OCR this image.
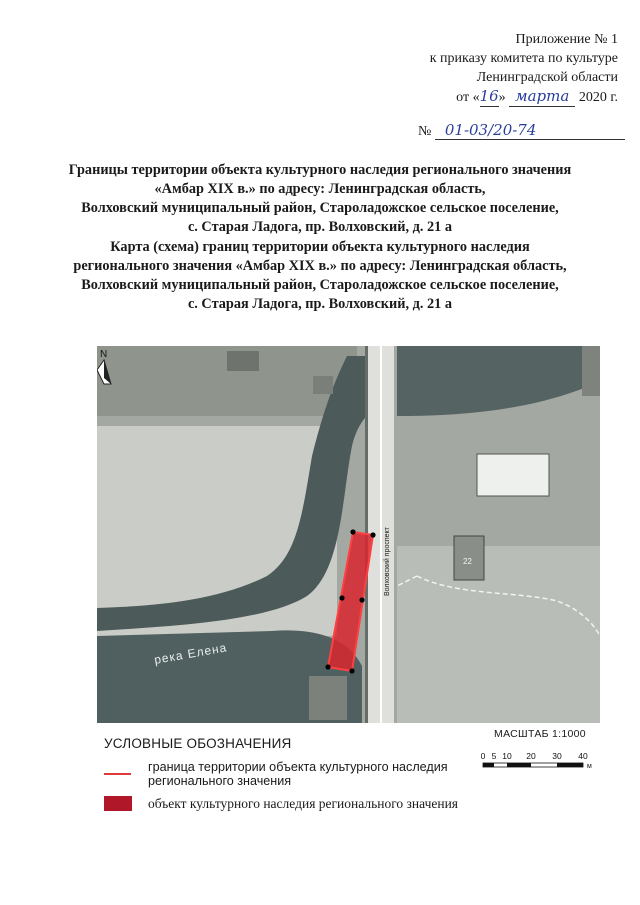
Приложение № 1
к приказу комитета по культуре
Ленинградской области
от «16» марта 2020 г.
№ 01-03/20-74

Границы территории объекта культурного наследия регионального значения

«Амбар XIX в.» по адресу: Ленинградская область,

Волховский муниципальный район, Староладожское сельское поселение,

с. Старая Ладога, пр. Волховский, д. 21 а

Карта (схема) границ территории объекта культурного наследия

регионального значения «Амбар XIX в.» по адресу: Ленинградская область,

Волховский муниципальный район, Староладожское сельское поселение,

с. Старая Ладога, пр. Волховский, д. 21 а

N
Волховский проспект	22
река Елена
МАСШТАБ 1:1000
0 5 10 20 30 40
м
УСЛОВНЫЕ ОБОЗНАЧЕНИЯ
граница территории объекта культурного наследия регионального значения
объект культурного наследия регионального значения
